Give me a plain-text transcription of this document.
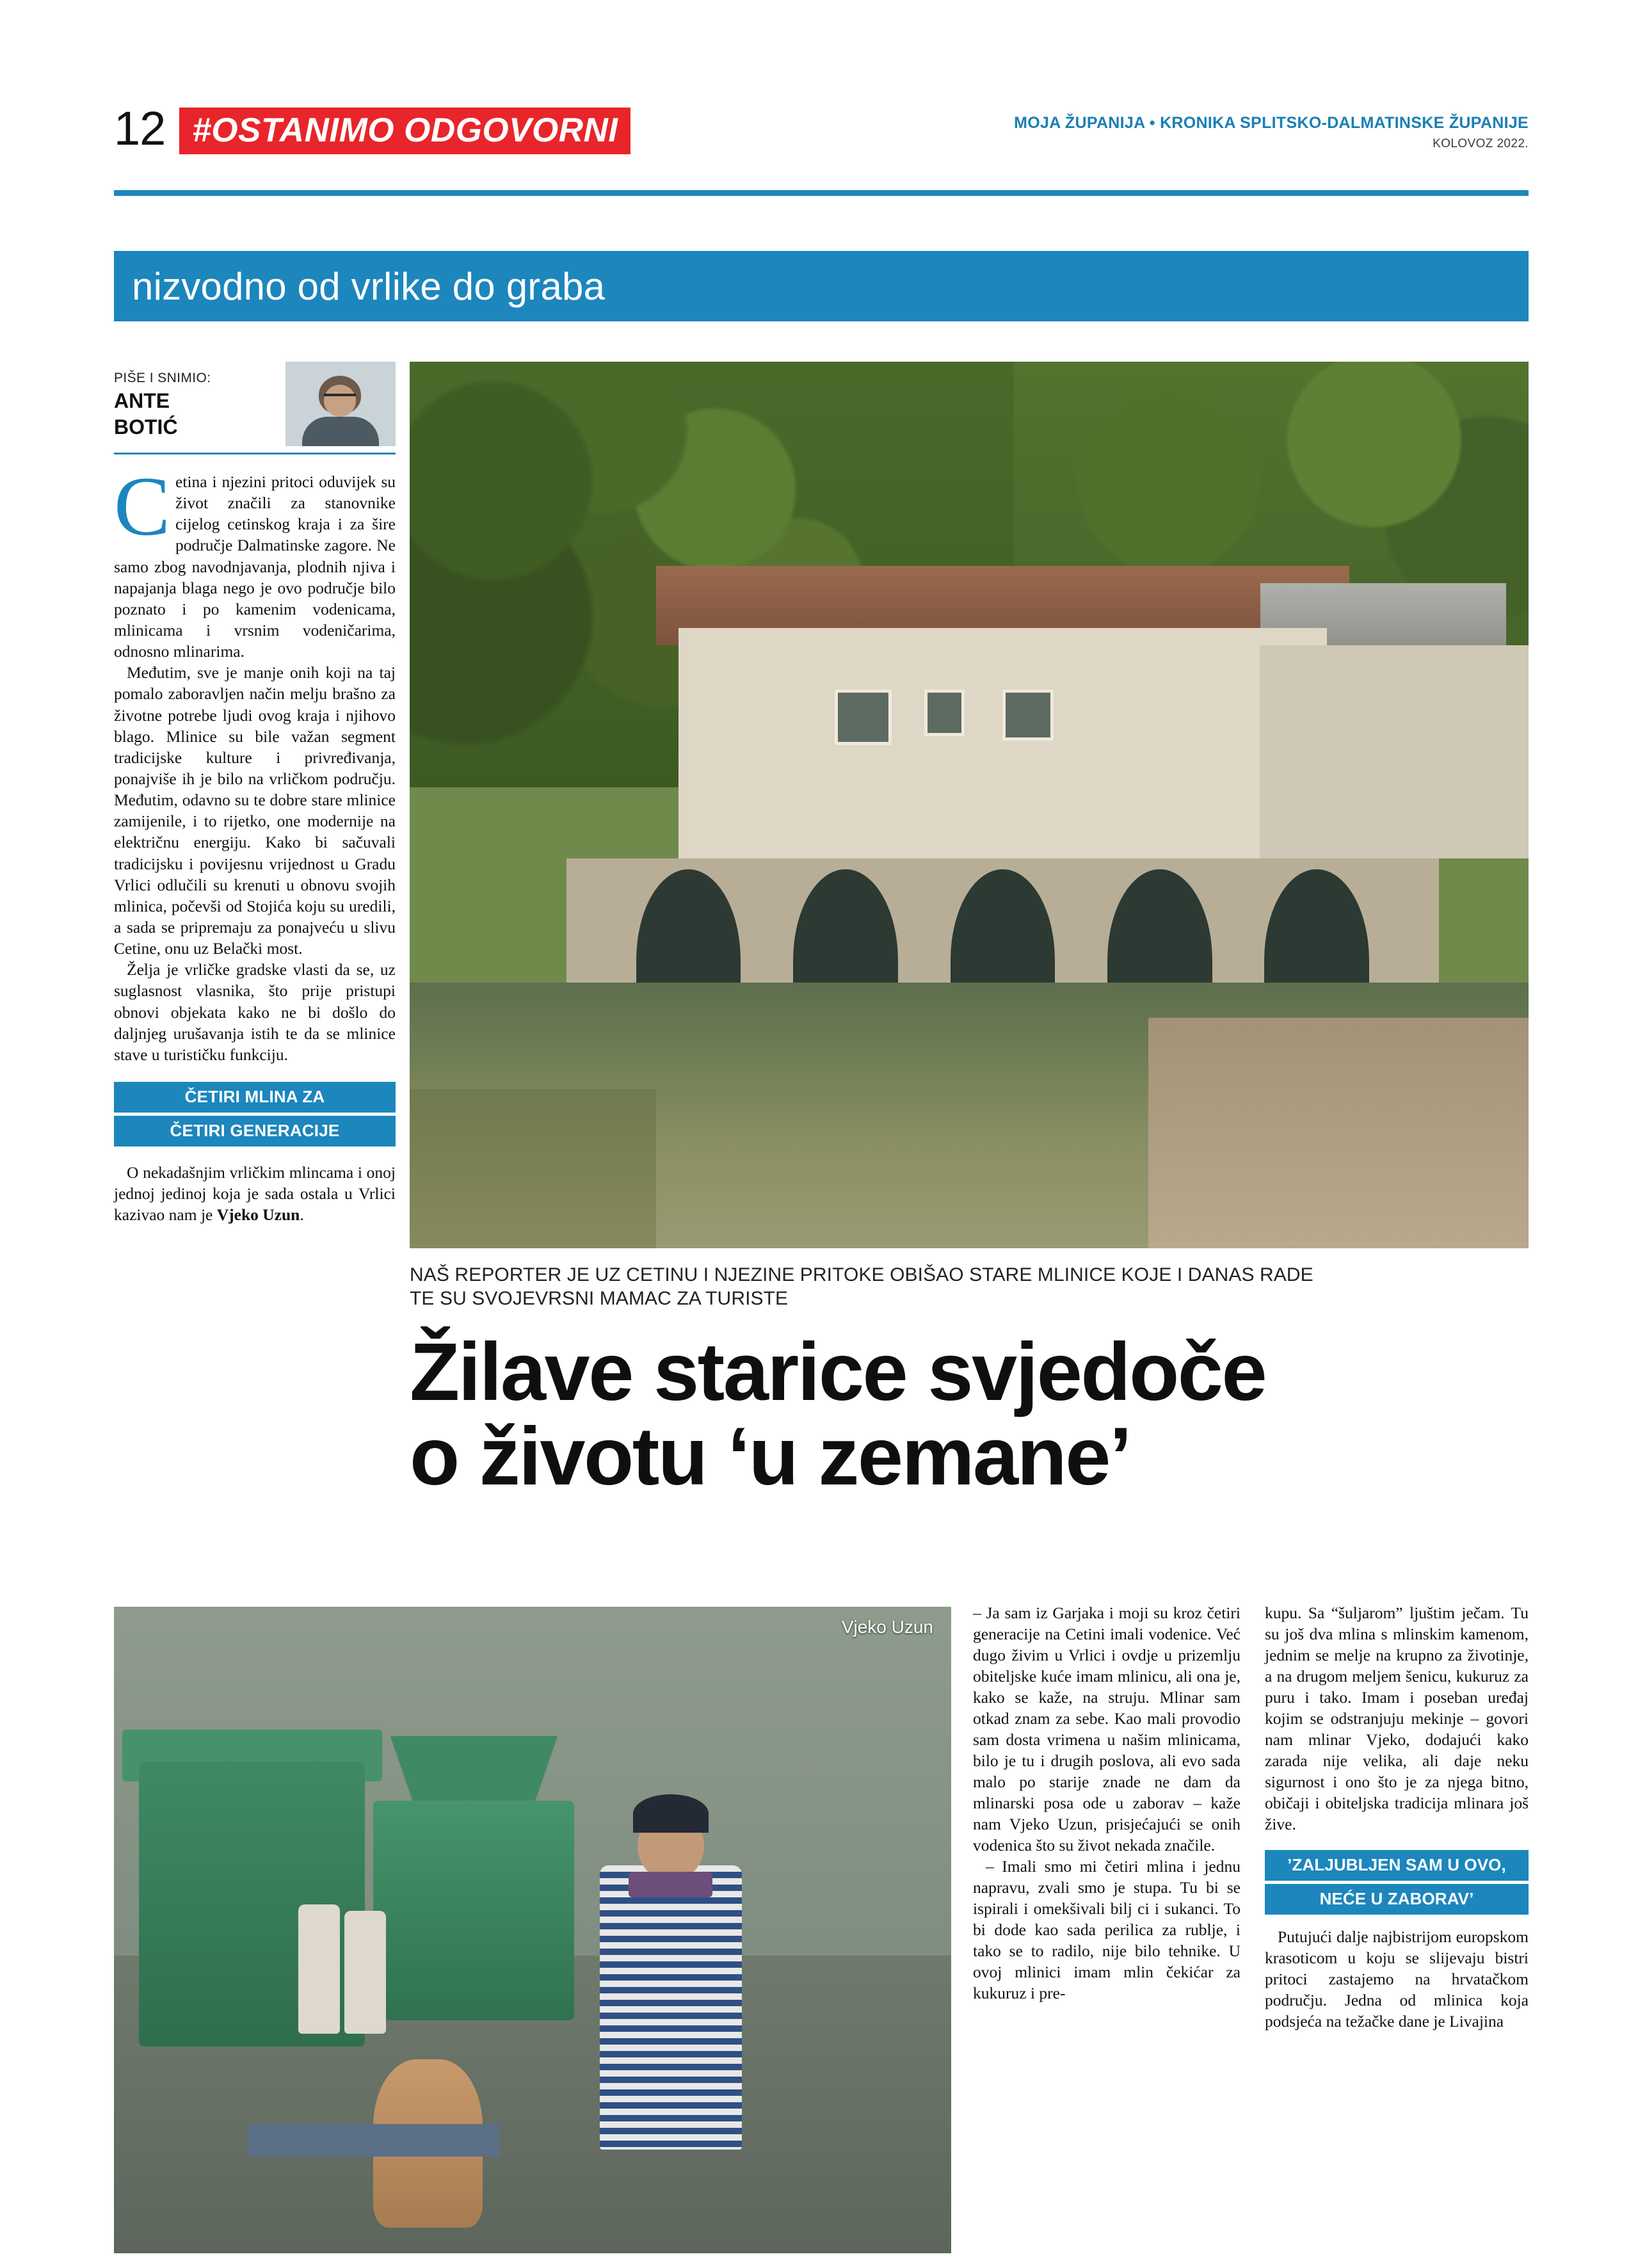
12 #OSTANIMO ODGOVORNI	MOJA ŽUPANIJA • KRONIKA SPLITSKO-DALMATINSKE ŽUPANIJE
KOLOVOZ 2022.
nizvodno od vrlike do graba
PIŠE I SNIMIO:
ANTE
BOTIĆ

Cetina i njezini pritoci oduvijek su život značili za stanovnike cijelog cetinskog kraja i za šire područje Dalmatinske zagore. Ne samo zbog navodnjavanja, plodnih njiva i napajanja blaga nego je ovo područje bilo poznato i po kamenim vodenicama, mlinicama i vrsnim vodeničarima, odnosno mlinarima.

Međutim, sve je manje onih koji na taj pomalo zaboravljen način melju brašno za životne potrebe ljudi ovog kraja i njihovo blago. Mlinice su bile važan segment tradicijske kulture i privređivanja, ponajviše ih je bilo na vrličkom području. Međutim, odavno su te dobre stare mlinice zamijenile, i to rijetko, one modernije na električnu energiju. Kako bi sačuvali tradicijsku i povijesnu vrijednost u Gradu Vrlici odlučili su krenuti u obnovu svojih mlinica, počevši od Stojića koju su uredili, a sada se pripremaju za ponajveću u slivu Cetine, onu uz Belački most.

Želja je vrličke gradske vlasti da se, uz suglasnost vlasnika, što prije pristupi obnovi objekata kako ne bi došlo do daljnjeg urušavanja istih te da se mlinice stave u turističku funkciju.

ČETIRI MLINA ZA
ČETIRI GENERACIJE

O nekadašnjim vrličkim mlincama i onoj jednoj jedinoj koja je sada ostala u Vrlici kazivao nam je Vjeko Uzun.

NAŠ REPORTER JE UZ CETINU I NJEZINE PRITOKE OBIŠAO STARE MLINICE KOJE I DANAS RADE
TE SU SVOJEVRSNI MAMAC ZA TURISTE
Žilave starice svjedoče
o životu ‘u zemane’
Vjeko Uzun

– Ja sam iz Garjaka i moji su kroz četiri generacije na Cetini imali vodenice. Već dugo živim u Vrlici i ovdje u prizemlju obiteljske kuće imam mlinicu, ali ona je, kako se kaže, na struju. Mlinar sam otkad znam za sebe. Kao mali provodio sam dosta vrimena u našim mlinicama, bilo je tu i drugih poslova, ali evo sada malo po starije znade ne dam da mlinarski posa ode u zaborav – kaže nam Vjeko Uzun, prisjećajući se onih vodenica što su život nekada značile.

– Imali smo mi četiri mlina i jednu napravu, zvali smo je stupa. Tu bi se ispirali i omekšivali bilj ci i sukanci. To bi dode kao sada perilica za rublje, i tako se to radilo, nije bilo tehnike. U ovoj mlinici imam mlin čekićar za kukuruz i pre-

kupu. Sa “šuljarom” ljuštim ječam. Tu su još dva mlina s mlinskim kamenom, jednim se melje na krupno za životinje, a na drugom meljem šenicu, kukuruz za puru i tako. Imam i poseban uređaj kojim se odstranjuju mekinje – govori nam mlinar Vjeko, dodajući kako zarada nije velika, ali daje neku sigurnost i ono što je za njega bitno, običaji i obiteljska tradicija mlinara još žive.

’ZALJUBLJEN SAM U OVO,
NEĆE U ZABORAV’

Putujući dalje najbistrijom europskom krasoticom u koju se slijevaju bistri pritoci zastajemo na hrvatačkom području. Jedna od mlinica koja podsjeća na težačke dane je Livajina
